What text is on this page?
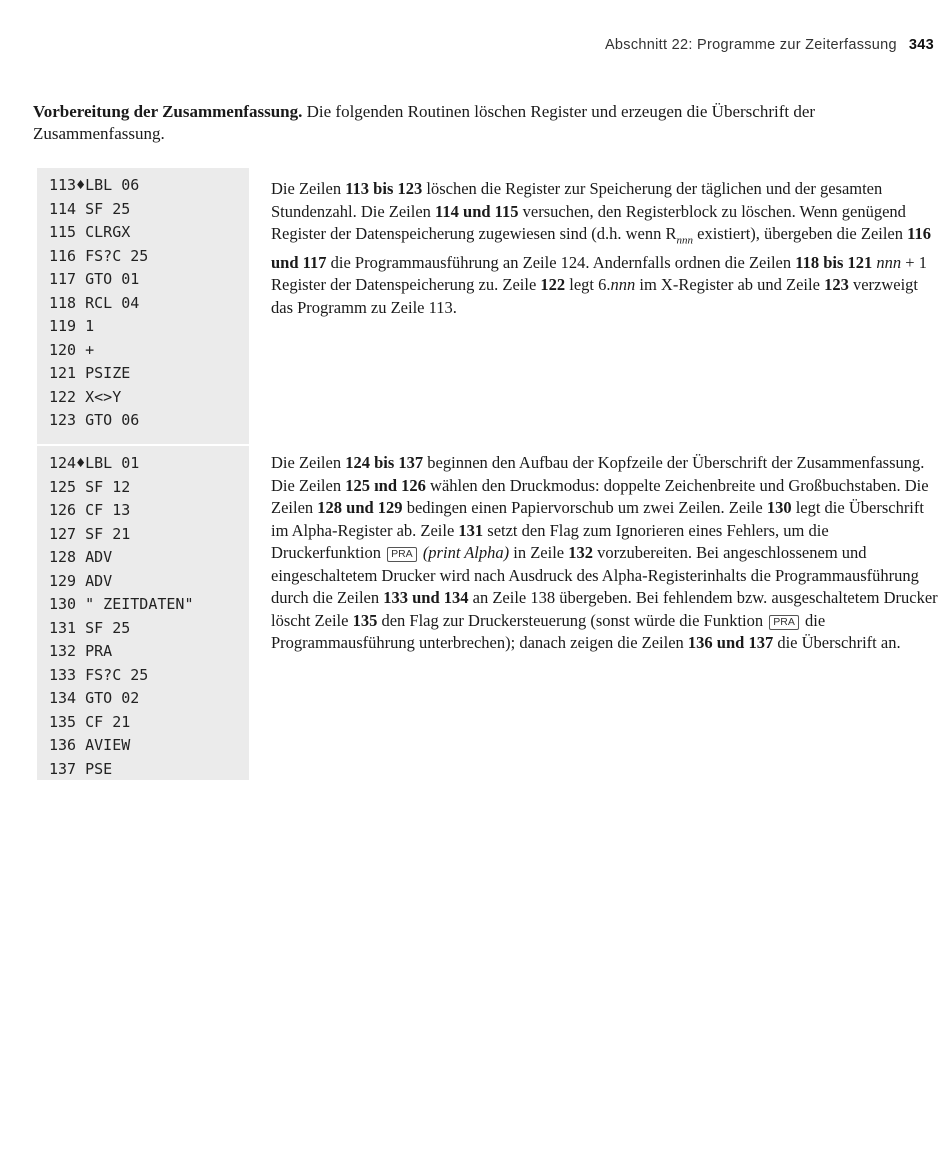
Abschnitt 22: Programme zur Zeiterfassung 343
Vorbereitung der Zusammenfassung. Die folgenden Routinen löschen Register und erzeugen die Überschrift der Zusammenfassung.
113♦LBL 06
114 SF 25
115 CLRGX
116 FS?C 25
117 GTO 01
118 RCL 04
119 1
120 +
121 PSIZE
122 X<>Y
123 GTO 06
124♦LBL 01
125 SF 12
126 CF 13
127 SF 21
128 ADV
129 ADV
130 " ZEITDATEN"
131 SF 25
132 PRA
133 FS?C 25
134 GTO 02
135 CF 21
136 AVIEW
137 PSE
Die Zeilen 113 bis 123 löschen die Register zur Speicherung der täglichen und der gesamten Stundenzahl. Die Zeilen 114 und 115 versuchen, den Registerblock zu löschen. Wenn genügend Register der Datenspeicherung zugewiesen sind (d.h. wenn $R_{nnn}$ existiert), übergeben die Zeilen 116 und 117 die Programmausführung an Zeile 124. Andernfalls ordnen die Zeilen 118 bis 121 nnn + 1 Register der Datenspeicherung zu. Zeile 122 legt 6.nnn im X-Register ab und Zeile 123 verzweigt das Programm zu Zeile 113.
Die Zeilen 124 bis 137 beginnen den Aufbau der Kopfzeile der Überschrift der Zusammenfassung. Die Zeilen 125 ınd 126 wählen den Druckmodus: doppelte Zeichenbreite und Großbuchstaben. Die Zeilen 128 und 129 bedingen einen Papiervorschub um zwei Zeilen. Zeile 130 legt die Überschrift im Alpha-Register ab. Zeile 131 setzt den Flag zum Ignorieren eines Fehlers, um die Druckerfunktion PRA (print Alpha) in Zeile 132 vorzubereiten. Bei angeschlossenem und eingeschaltetem Drucker wird nach Ausdruck des Alpha-Registerinhalts die Programmausführung durch die Zeilen 133 und 134 an Zeile 138 übergeben. Bei fehlendem bzw. ausgeschaltetem Drucker löscht Zeile 135 den Flag zur Druckersteuerung (sonst würde die Funktion PRA die Programmausführung unterbrechen); danach zeigen die Zeilen 136 und 137 die Überschrift an.
